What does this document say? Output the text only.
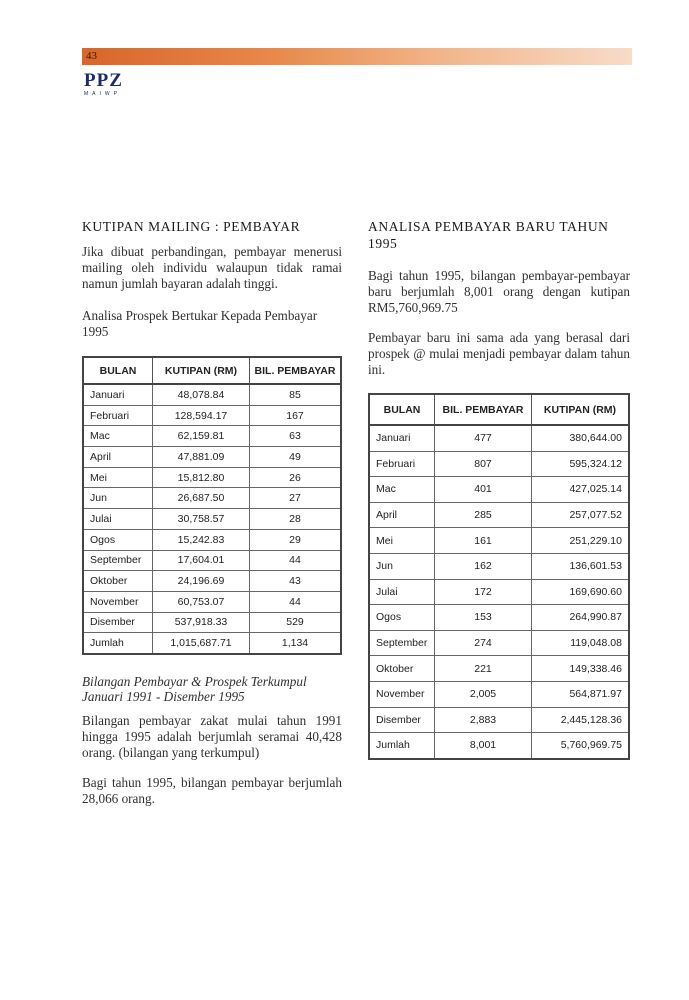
43
PPZ
MAIWP
KUTIPAN MAILING : PEMBAYAR

Jika dibuat perbandingan, pembayar menerusi mailing oleh individu walaupun tidak ramai namun jumlah bayaran adalah tinggi.

Analisa Prospek Bertukar Kepada Pembayar 1995

BULAN	KUTIPAN (RM)	BIL. PEMBAYAR
Januari	48,078.84	85
Februari	128,594.17	167
Mac	62,159.81	63
April	47,881.09	49
Mei	15,812.80	26
Jun	26,687.50	27
Julai	30,758.57	28
Ogos	15,242.83	29
September	17,604.01	44
Oktober	24,196.69	43
November	60,753.07	44
Disember	537,918.33	529
Jumlah	1,015,687.71	1,134

Bilangan Pembayar & Prospek Terkumpul Januari 1991 - Disember 1995

Bilangan pembayar zakat mulai tahun 1991 hingga 1995 adalah berjumlah seramai 40,428 orang. (bilangan yang terkumpul)

Bagi tahun 1995, bilangan pembayar berjumlah 28,066 orang.

ANALISA PEMBAYAR BARU TAHUN 1995

Bagi tahun 1995, bilangan pembayar-pembayar baru berjumlah 8,001 orang dengan kutipan RM5,760,969.75

Pembayar baru ini sama ada yang berasal dari prospek @ mulai menjadi pembayar dalam tahun ini.

BULAN	BIL. PEMBAYAR	KUTIPAN (RM)
Januari	477	380,644.00
Februari	807	595,324.12
Mac	401	427,025.14
April	285	257,077.52
Mei	161	251,229.10
Jun	162	136,601.53
Julai	172	169,690.60
Ogos	153	264,990.87
September	274	119,048.08
Oktober	221	149,338.46
November	2,005	564,871.97
Disember	2,883	2,445,128.36
Jumlah	8,001	5,760,969.75
